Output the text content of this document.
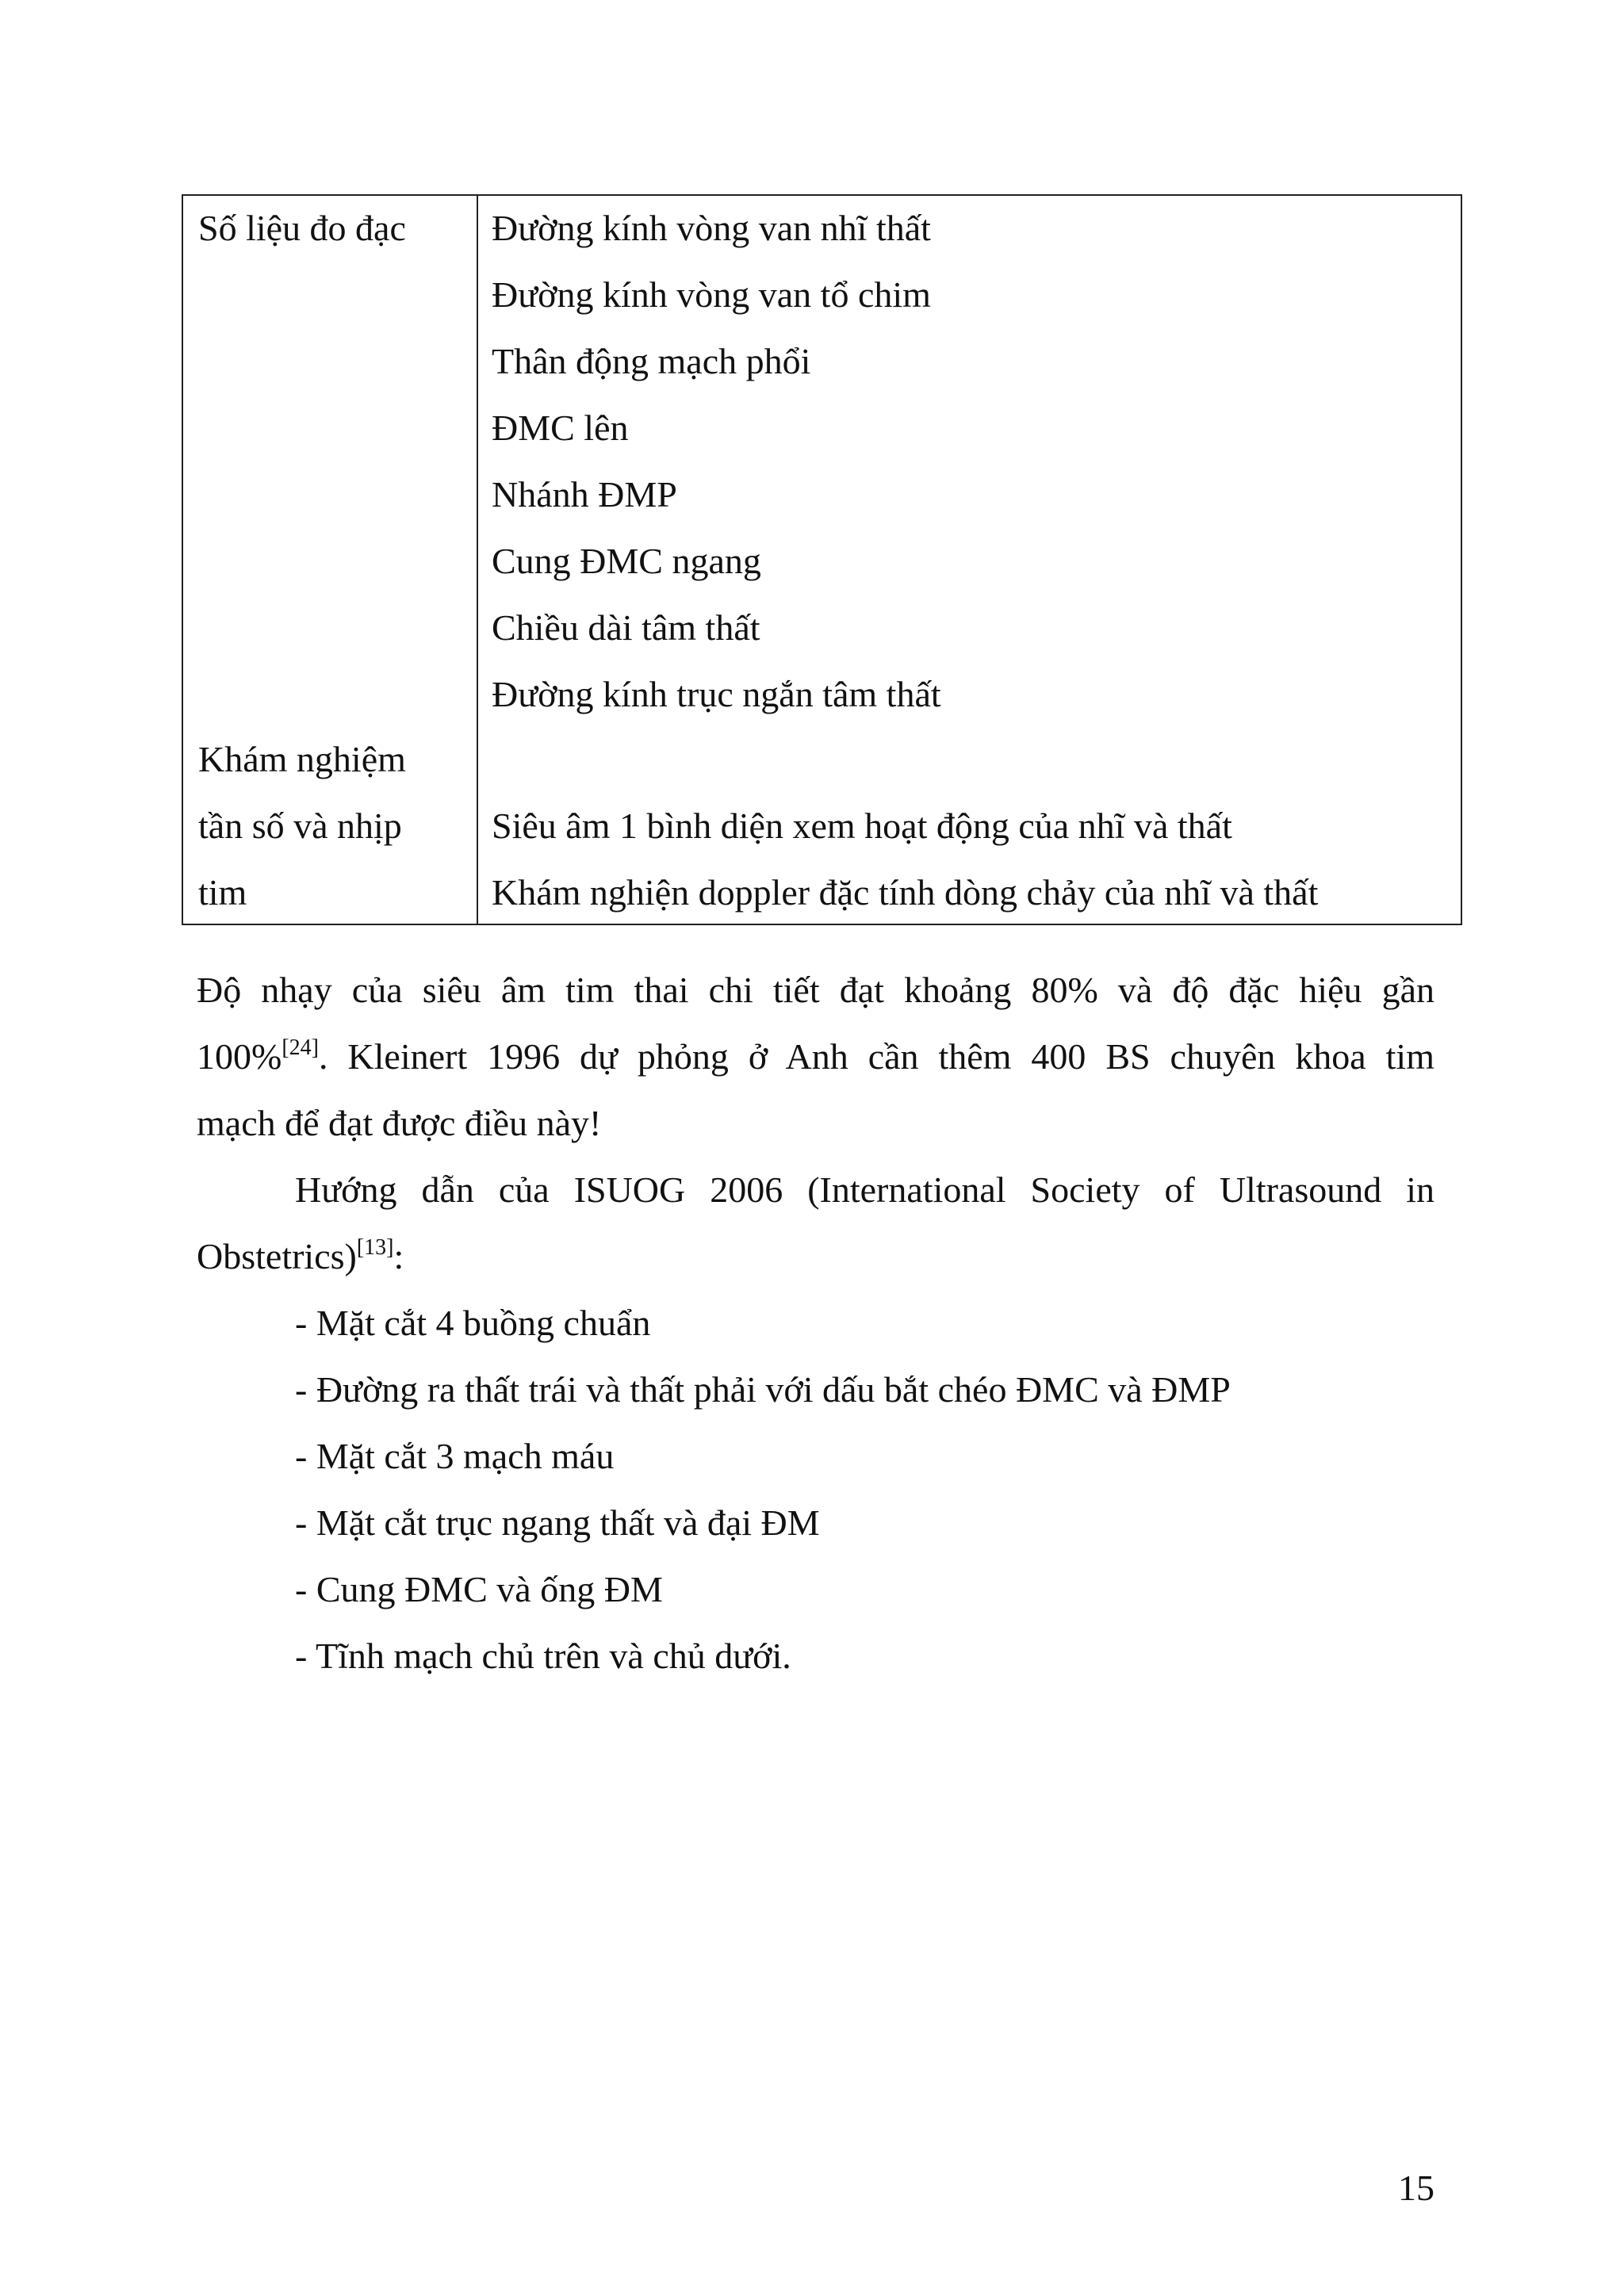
Số liệu đo đạc
Khám nghiệm
tần số và nhịp
tim
Đường kính vòng van nhĩ thất
Đường kính vòng van tổ chim
Thân động mạch phổi
ĐMC lên
Nhánh ĐMP
Cung ĐMC ngang
Chiều dài tâm thất
Đường kính trục ngắn tâm thất
Siêu âm 1 bình diện xem hoạt động của nhĩ và thất
Khám nghiện doppler đặc tính dòng chảy của nhĩ và thất
Độ nhạy của siêu âm tim thai chi tiết đạt khoảng 80% và độ đặc hiệu gần
100%[24]. Kleinert 1996 dự phỏng ở Anh cần thêm 400 BS chuyên khoa tim
mạch để đạt được điều này!
Hướng dẫn của ISUOG 2006 (International Society of Ultrasound in
Obstetrics)[13]:
- Mặt cắt 4 buồng chuẩn
- Đường ra thất trái và thất phải với dấu bắt chéo ĐMC và ĐMP
- Mặt cắt 3 mạch máu
- Mặt cắt trục ngang thất và đại ĐM
- Cung ĐMC và ống ĐM
- Tĩnh mạch chủ trên và chủ dưới.
15
